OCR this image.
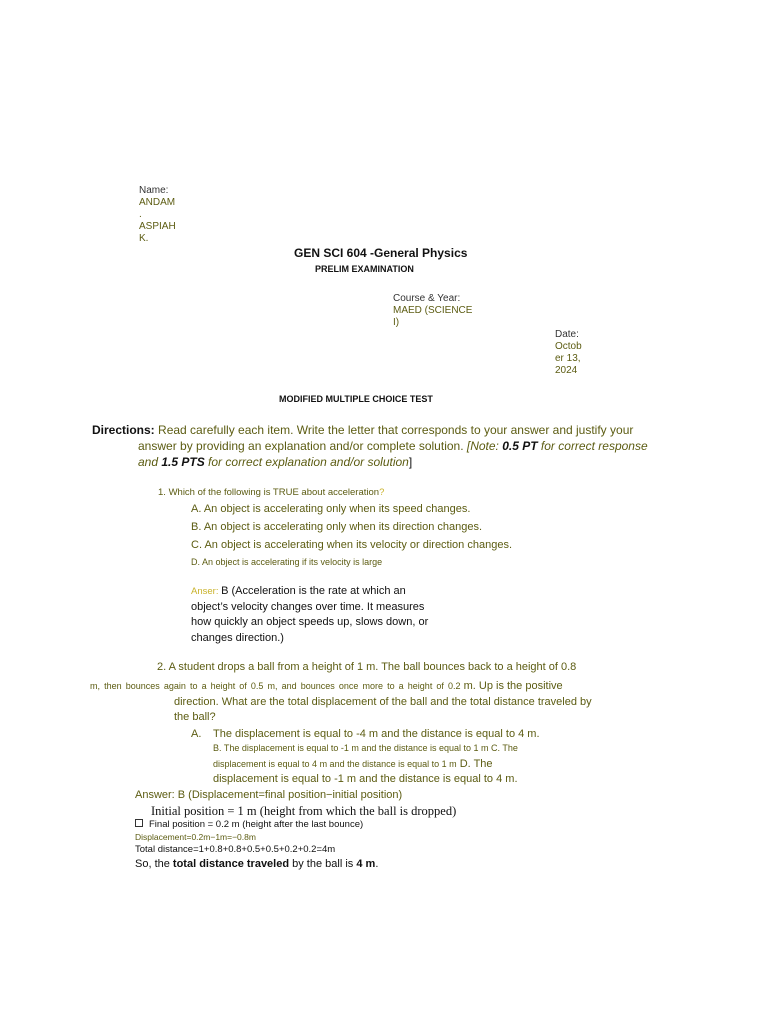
Name:
ANDAM
.
ASPIAH
K.
GEN SCI 604 -General Physics
PRELIM EXAMINATION
Course & Year:
MAED (SCIENCE
I)
Date:
Octob
er 13,
2024
MODIFIED MULTIPLE CHOICE TEST
Directions: Read carefully each item. Write the letter that corresponds to your answer and justify your
answer by providing an explanation and/or complete solution. [Note: 0.5 PT for correct response
and 1.5 PTS for correct explanation and/or solution]
1. Which of the following is TRUE about acceleration?
A. An object is accelerating only when its speed changes.
B. An object is accelerating only when its direction changes.
C. An object is accelerating when its velocity or direction changes.
D. An object is accelerating if its velocity is large
Anser: B (Acceleration is the rate at which an
object’s velocity changes over time. It measures
how quickly an object speeds up, slows down, or
changes direction.)
2. A student drops a ball from a height of 1 m. The ball bounces back to a height of 0.8
m, then bounces again to a height of 0.5 m, and bounces once more to a height of 0.2 m. Up is the positive
direction. What are the total displacement of the ball and the total distance traveled by
the ball?
A. The displacement is equal to -4 m and the distance is equal to 4 m.
B. The displacement is equal to -1 m and the distance is equal to 1 m C. The
displacement is equal to 4 m and the distance is equal to 1 m D. The
displacement is equal to -1 m and the distance is equal to 4 m.
Answer: B (Displacement=final position−initial position)
Initial position = 1 m (height from which the ball is dropped)
Final position = 0.2 m (height after the last bounce)
Displacement=0.2m−1m=−0.8m
Total distance=1+0.8+0.8+0.5+0.5+0.2+0.2=4m
So, the total distance traveled by the ball is 4 m.
